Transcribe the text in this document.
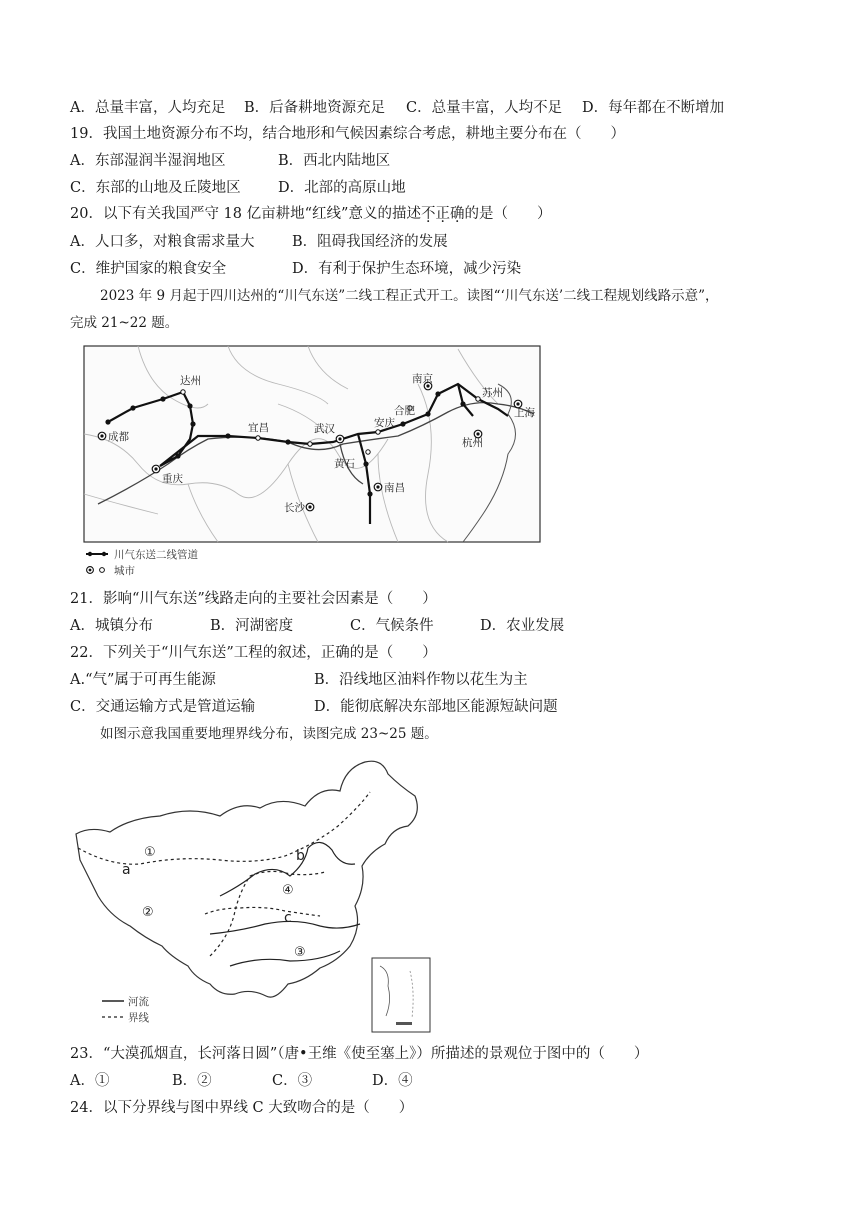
A．总量丰富，人均充足 B．后备耕地资源充足 C．总量丰富，人均不足 D．每年都在不断增加
19．我国土地资源分布不均，结合地形和气候因素综合考虑，耕地主要分布在（　　）
A．东部湿润半湿润地区	B．西北内陆地区
C．东部的山地及丘陵地区	D．北部的高原山地
20．以下有关我国严守 18 亿亩耕地“红线”意义的描述不正确的是（　　）
A．人口多，对粮食需求量大	B．阻碍我国经济的发展
C．维护国家的粮食安全	D．有利于保护生态环境，减少污染
2023 年 9 月起于四川达州的“川气东送”二线工程正式开工。读图“‘川气东送’二线工程规划线路示意”，
完成 21~22 题。
达州
成都
重庆
宜昌	武汉	安庆
黄石
南昌
长沙
南京
合肥
苏州
上海
杭州
川气东送二线管道
城市
21．影响“川气东送”线路走向的主要社会因素是（　　）
A．城镇分布	B．河湖密度	C．气候条件	D．农业发展
22．下列关于“川气东送”工程的叙述，正确的是（　　）
A.“气”属于可再生能源	B．沿线地区油料作物以花生为主
C．交通运输方式是管道运输	D．能彻底解决东部地区能源短缺问题
如图示意我国重要地理界线分布，读图完成 23~25 题。
①
②
③
④
a
b
c
河流
界线
23．“大漠孤烟直，长河落日圆”（唐•王维《使至塞上》）所描述的景观位于图中的（　　）
A．①	B．②	C．③	D．④
24．以下分界线与图中界线 C 大致吻合的是（　　）
